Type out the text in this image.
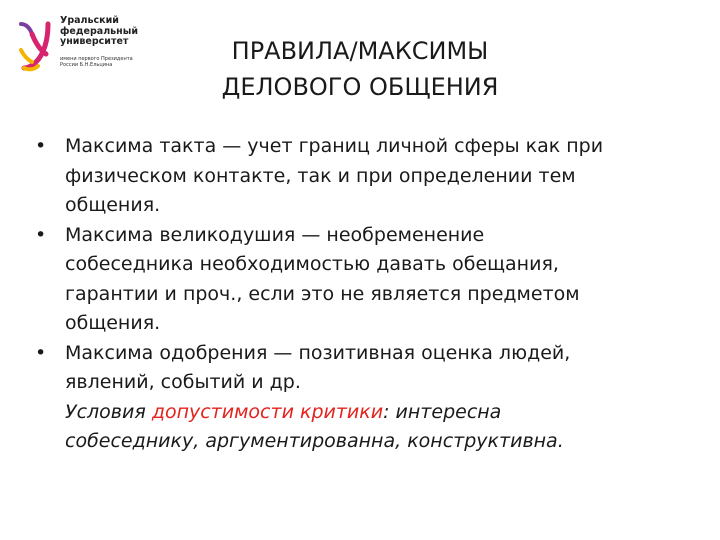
Уральский
федеральный
университет
имени первого Президента
России Б.Н.Ельцина	ПРАВИЛА/МАКСИМЫ
ДЕЛОВОГО ОБЩЕНИЯ
• Максима такта — учет границ личной сферы как при
физическом контакте, так и при определении тем
общения.
• Максима великодушия — необременение
собеседника необходимостью давать обещания,
гарантии и проч., если это не является предметом
общения.
• Максима одобрения — позитивная оценка людей,
явлений, событий и др.
Условия допустимости критики: интересна
собеседнику, аргументированна, конструктивна.
